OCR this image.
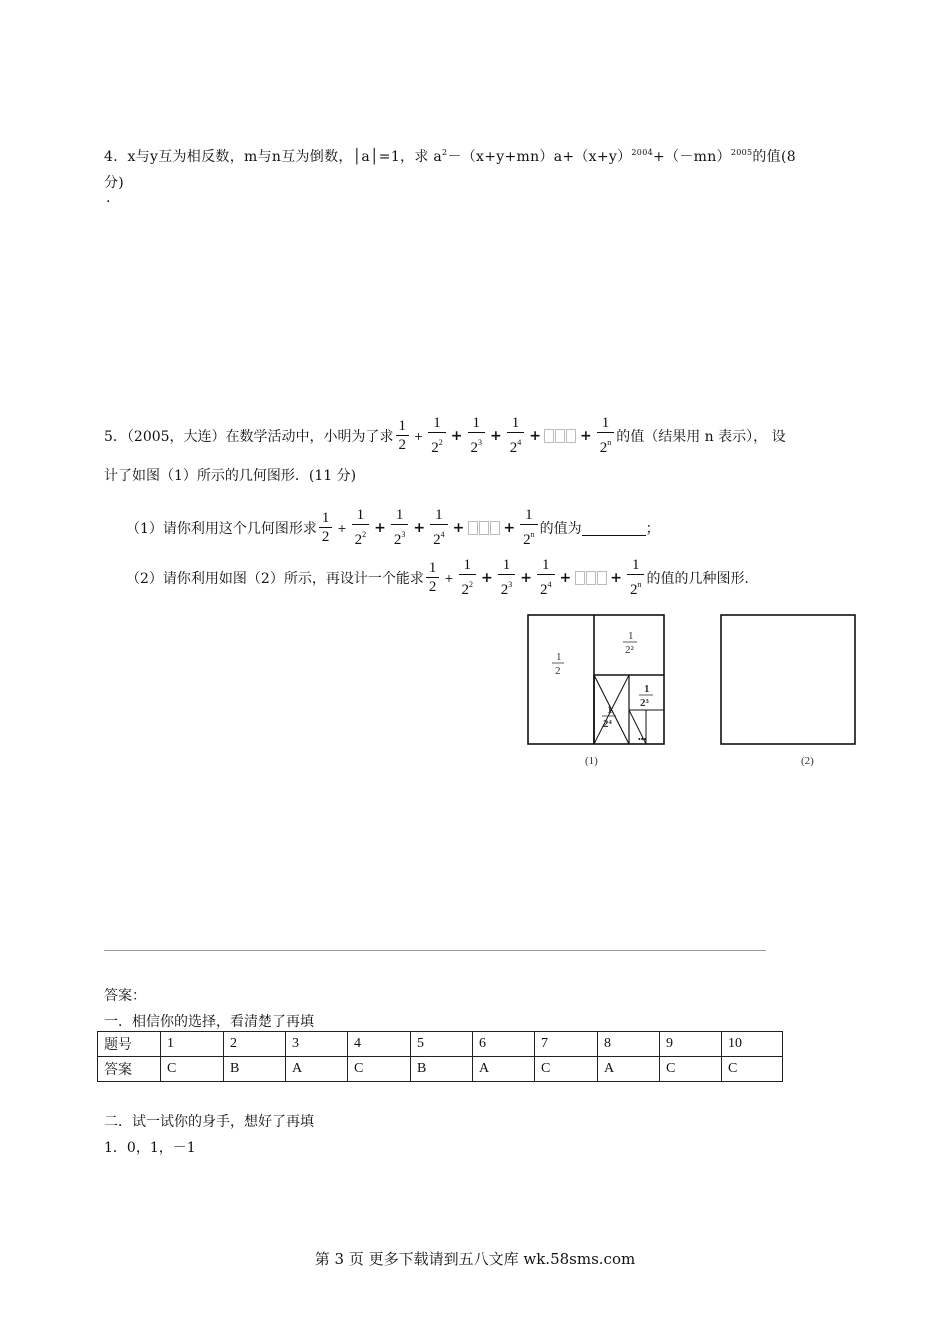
4．x与y互为相反数，m与n互为倒数，│a│=1，求 $a^2-(x+y+mn)a+(x+y)^{2004}+(-mn)^{2005}$的值(8
分)
.
5．（2005，大连）在数学活动中，小明为了求 $\frac{1}{2} + \frac{1}{2^2} + \frac{1}{2^3} + \frac{1}{2^4}$ +	+ $\frac{1}{2^n}$ 的值（结果用 n 表示）， 设
计了如图（1）所示的几何图形．(11 分)
（1）请你利用这个几何图形求 $\frac{1}{2} + \frac{1}{2^2} + \frac{1}{2^3} + \frac{1}{2^4}$ +	+ $\frac{1}{2^n}$ 的值为	；
（2）请你利用如图（2）所示，再设计一个能求 $\frac{1}{2} + \frac{1}{2^2} + \frac{1}{2^3} + \frac{1}{2^4}$ +	+ $\frac{1}{2^n}$ 的值的几种图形．
1
2
1
2²
1
2³
1
2⁴
•••
(1)	(2)
答案：
一．相信你的选择，看清楚了再填
题号	1	2	3	4	5	6	7	8	9	10
答案	C	B	A	C	B	A	C	A	C	C
二．试一试你的身手，想好了再填
1．0，1，－1
第 3 页 更多下载请到五八文库 wk.58sms.com
